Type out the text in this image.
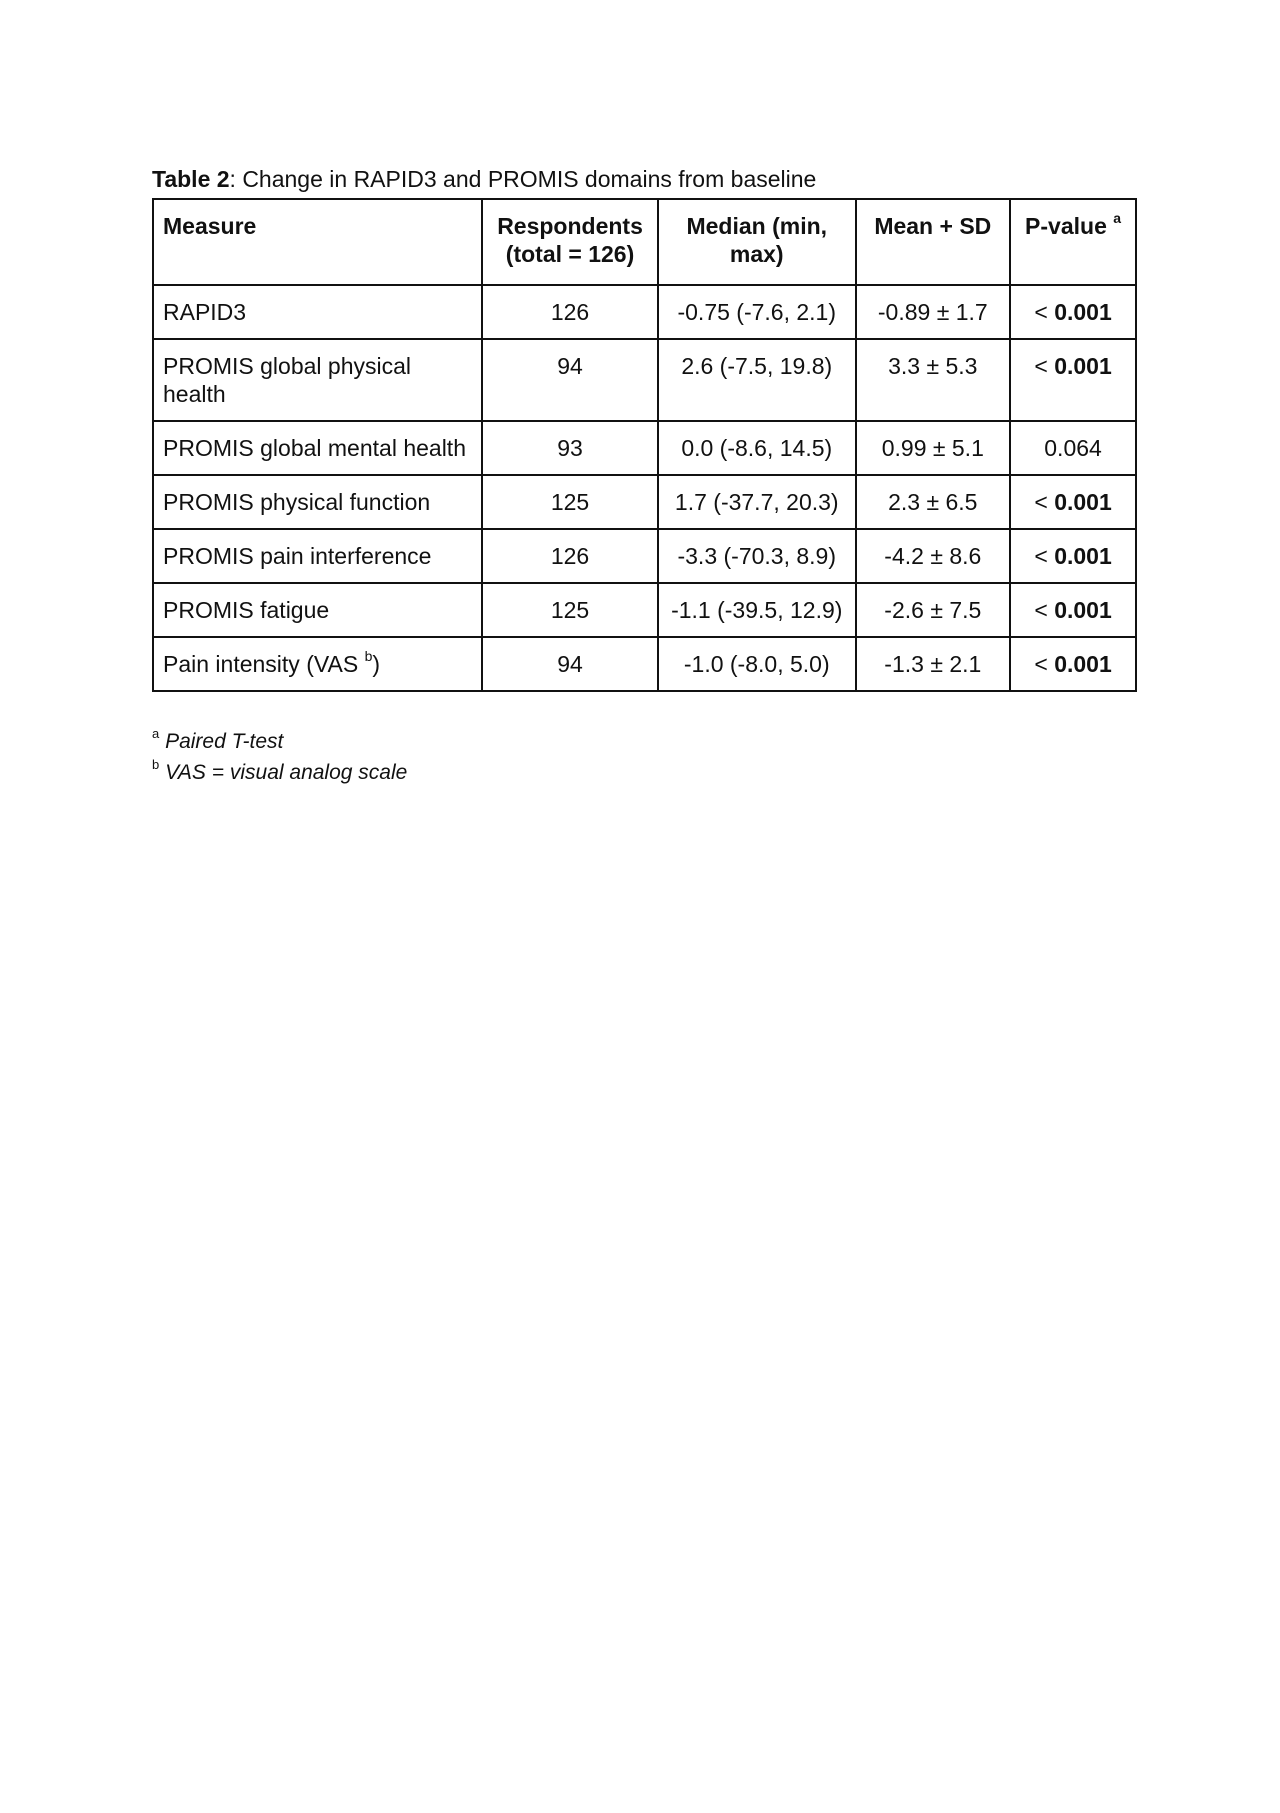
Table 2: Change in RAPID3 and PROMIS domains from baseline
Measure	Respondents (total = 126)	Median (min, max)	Mean + SD	P-value $^a$
RAPID3	126	-0.75 (-7.6, 2.1)	-0.89 ± 1.7	< 0.001
PROMIS global physical health	94	2.6 (-7.5, 19.8)	3.3 ± 5.3	< 0.001
PROMIS global mental health	93	0.0 (-8.6, 14.5)	0.99 ± 5.1	0.064
PROMIS physical function	125	1.7 (-37.7, 20.3)	2.3 ± 6.5	< 0.001
PROMIS pain interference	126	-3.3 (-70.3, 8.9)	-4.2 ± 8.6	< 0.001
PROMIS fatigue	125	-1.1 (-39.5, 12.9)	-2.6 ± 7.5	< 0.001
Pain intensity (VAS $^b$)	94	-1.0 (-8.0, 5.0)	-1.3 ± 2.1	< 0.001
$^a$ Paired T-test
$^b$ VAS = visual analog scale
